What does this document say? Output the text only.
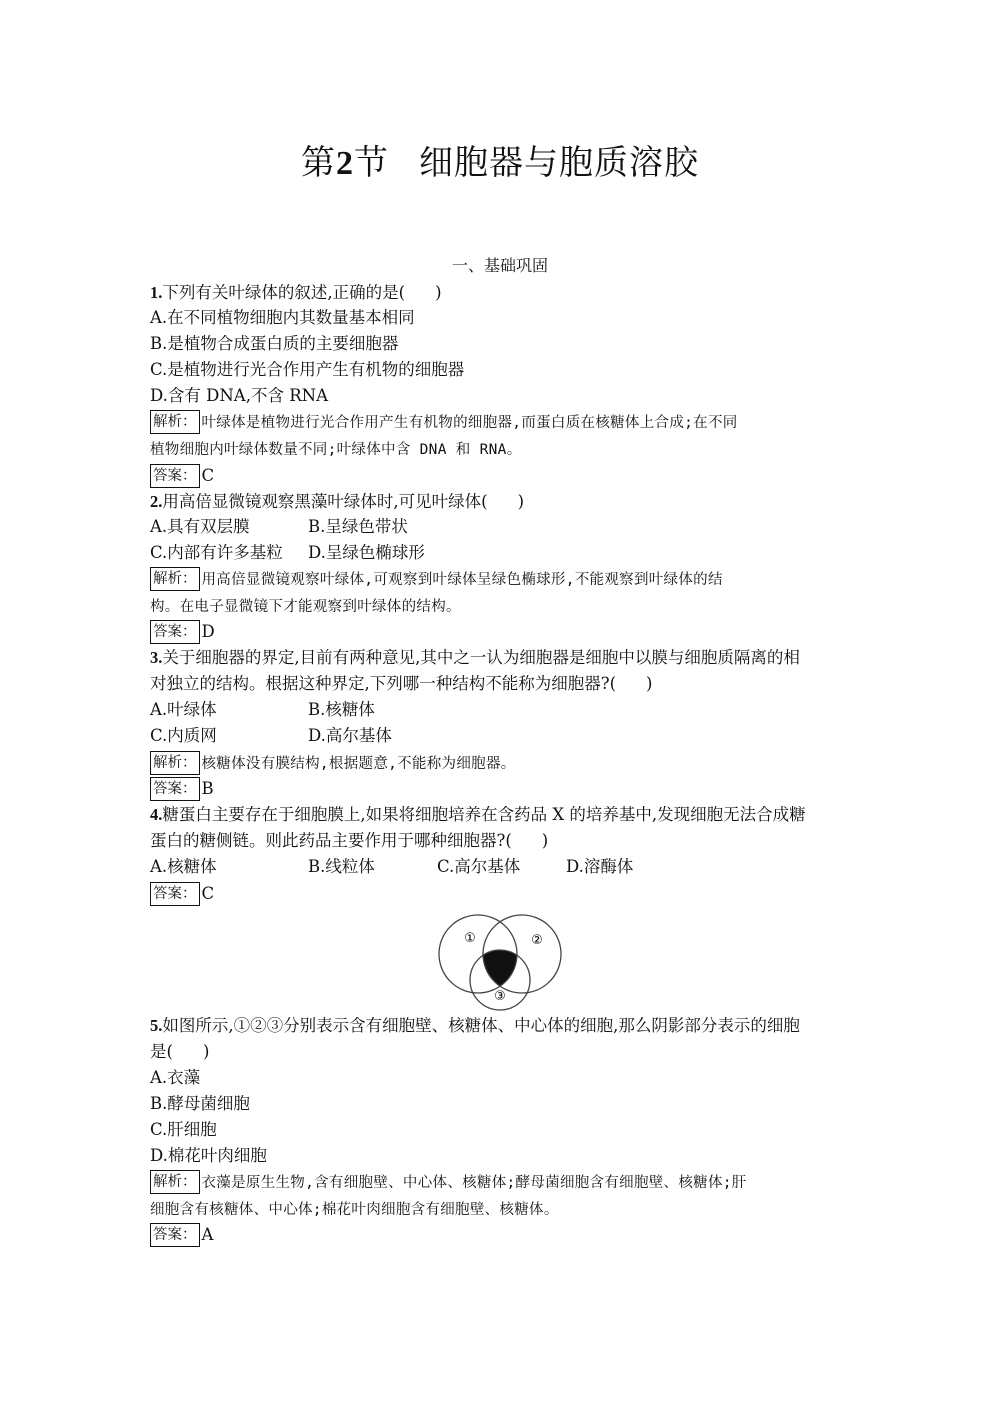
第2节 细胞器与胞质溶胶
一、基础巩固
1.下列有关叶绿体的叙述,正确的是( )
A.在不同植物细胞内其数量基本相同
B.是植物合成蛋白质的主要细胞器
C.是植物进行光合作用产生有机物的细胞器
D.含有 DNA,不含 RNA
解析： 叶绿体是植物进行光合作用产生有机物的细胞器,而蛋白质在核糖体上合成;在不同
植物细胞内叶绿体数量不同;叶绿体中含 DNA 和 RNA。
答案： C
2.用高倍显微镜观察黑藻叶绿体时,可见叶绿体( )
A.具有双层膜	B.呈绿色带状
C.内部有许多基粒 D.呈绿色椭球形
解析： 用高倍显微镜观察叶绿体,可观察到叶绿体呈绿色椭球形,不能观察到叶绿体的结
构。在电子显微镜下才能观察到叶绿体的结构。
答案： D
3.关于细胞器的界定,目前有两种意见,其中之一认为细胞器是细胞中以膜与细胞质隔离的相
对独立的结构。根据这种界定,下列哪一种结构不能称为细胞器?( )
A.叶绿体	B.核糖体
C.内质网	D.高尔基体
解析： 核糖体没有膜结构,根据题意,不能称为细胞器。
答案： B
4.糖蛋白主要存在于细胞膜上,如果将细胞培养在含药品 X 的培养基中,发现细胞无法合成糖
蛋白的糖侧链。则此药品主要作用于哪种细胞器?( )
A.核糖体	B.线粒体	C.高尔基体	D.溶酶体
答案： C
①	②
③
5.如图所示,①②③分别表示含有细胞壁、核糖体、中心体的细胞,那么阴影部分表示的细胞
是( )
A.衣藻
B.酵母菌细胞
C.肝细胞
D.棉花叶肉细胞
解析： 衣藻是原生生物,含有细胞壁、中心体、核糖体;酵母菌细胞含有细胞壁、核糖体;肝
细胞含有核糖体、中心体;棉花叶肉细胞含有细胞壁、核糖体。
答案： A
